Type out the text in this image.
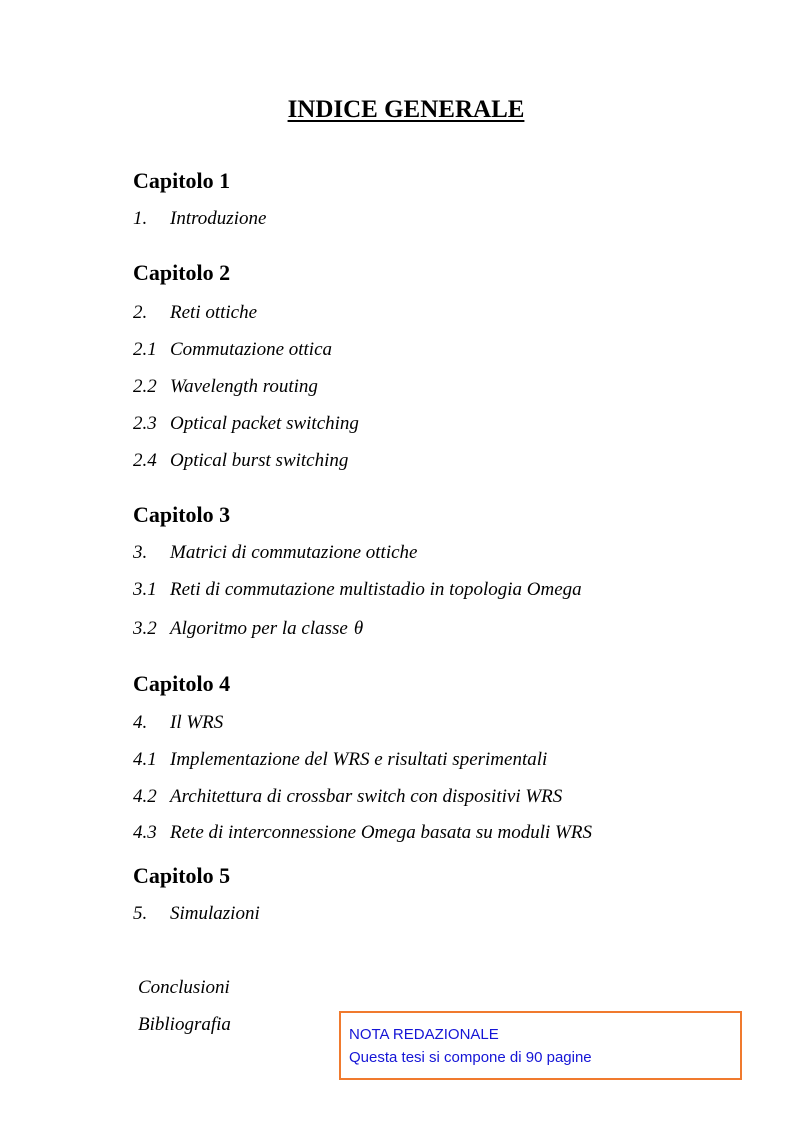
INDICE GENERALE
Capitolo 1
1. Introduzione
Capitolo 2
2. Reti ottiche
2.1 Commutazione ottica
2.2 Wavelength routing
2.3 Optical packet switching
2.4 Optical burst switching
Capitolo 3
3. Matrici di commutazione ottiche
3.1 Reti di commutazione multistadio in topologia Omega
3.2 Algoritmo per la classe θ
Capitolo 4
4. Il WRS
4.1 Implementazione del WRS e risultati sperimentali
4.2 Architettura di crossbar switch con dispositivi WRS
4.3 Rete di interconnessione Omega basata su moduli WRS
Capitolo 5
5. Simulazioni
Conclusioni
Bibliografia	NOTA REDAZIONALE
Questa tesi si compone di 90 pagine
